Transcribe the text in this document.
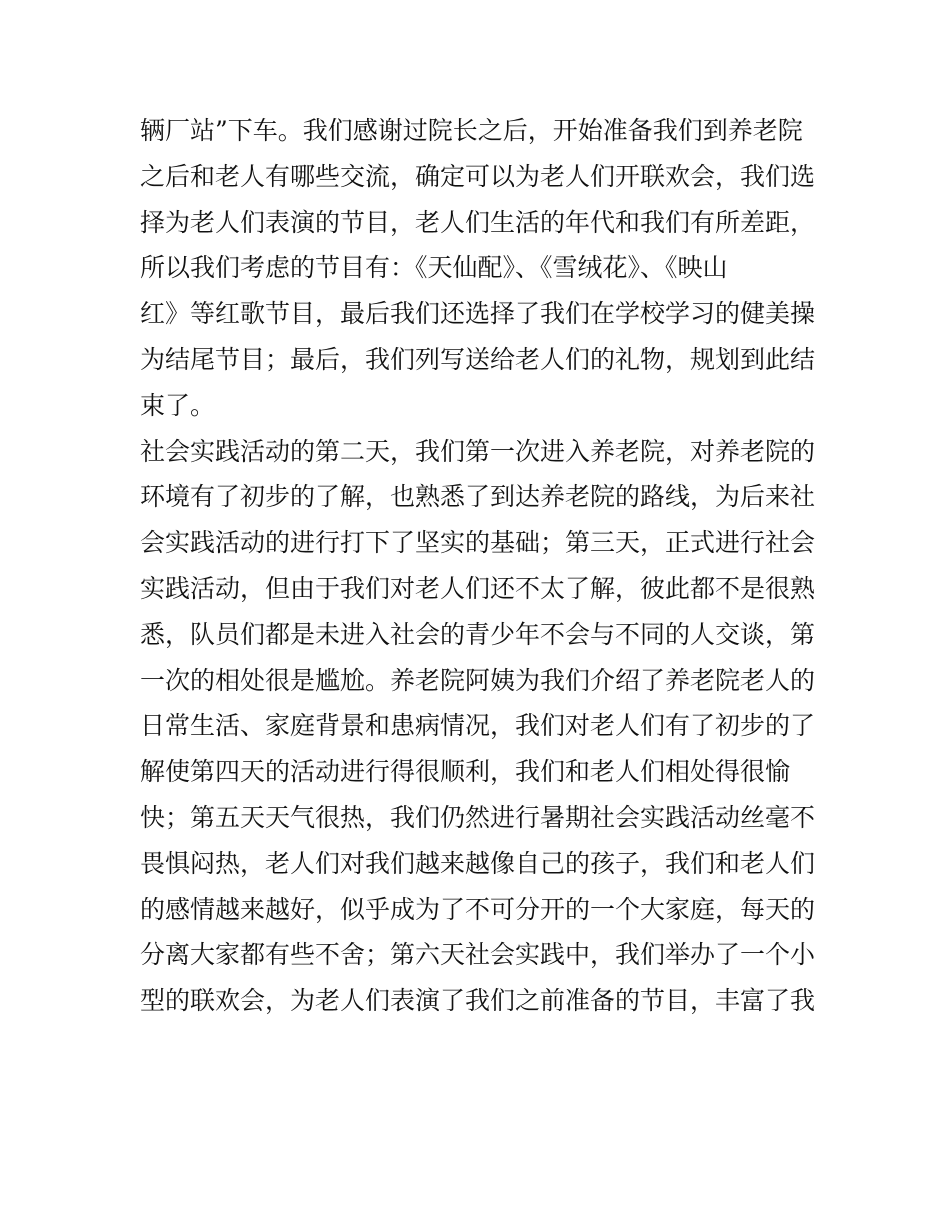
辆厂站”下车。我们感谢过院长之后，开始准备我们到养老院
之后和老人有哪些交流，确定可以为老人们开联欢会，我们选
择为老人们表演的节目，老人们生活的年代和我们有所差距，
所以我们考虑的节目有：《天仙配》、《雪绒花》、《映山
红》等红歌节目，最后我们还选择了我们在学校学习的健美操
为结尾节目；最后，我们列写送给老人们的礼物，规划到此结
束了。
社会实践活动的第二天，我们第一次进入养老院，对养老院的
环境有了初步的了解，也熟悉了到达养老院的路线，为后来社
会实践活动的进行打下了坚实的基础；第三天，正式进行社会
实践活动，但由于我们对老人们还不太了解，彼此都不是很熟
悉，队员们都是未进入社会的青少年不会与不同的人交谈，第
一次的相处很是尴尬。养老院阿姨为我们介绍了养老院老人的
日常生活、家庭背景和患病情况，我们对老人们有了初步的了
解使第四天的活动进行得很顺利，我们和老人们相处得很愉
快；第五天天气很热，我们仍然进行暑期社会实践活动丝毫不
畏惧闷热，老人们对我们越来越像自己的孩子，我们和老人们
的感情越来越好，似乎成为了不可分开的一个大家庭，每天的
分离大家都有些不舍；第六天社会实践中，我们举办了一个小
型的联欢会，为老人们表演了我们之前准备的节目，丰富了我
